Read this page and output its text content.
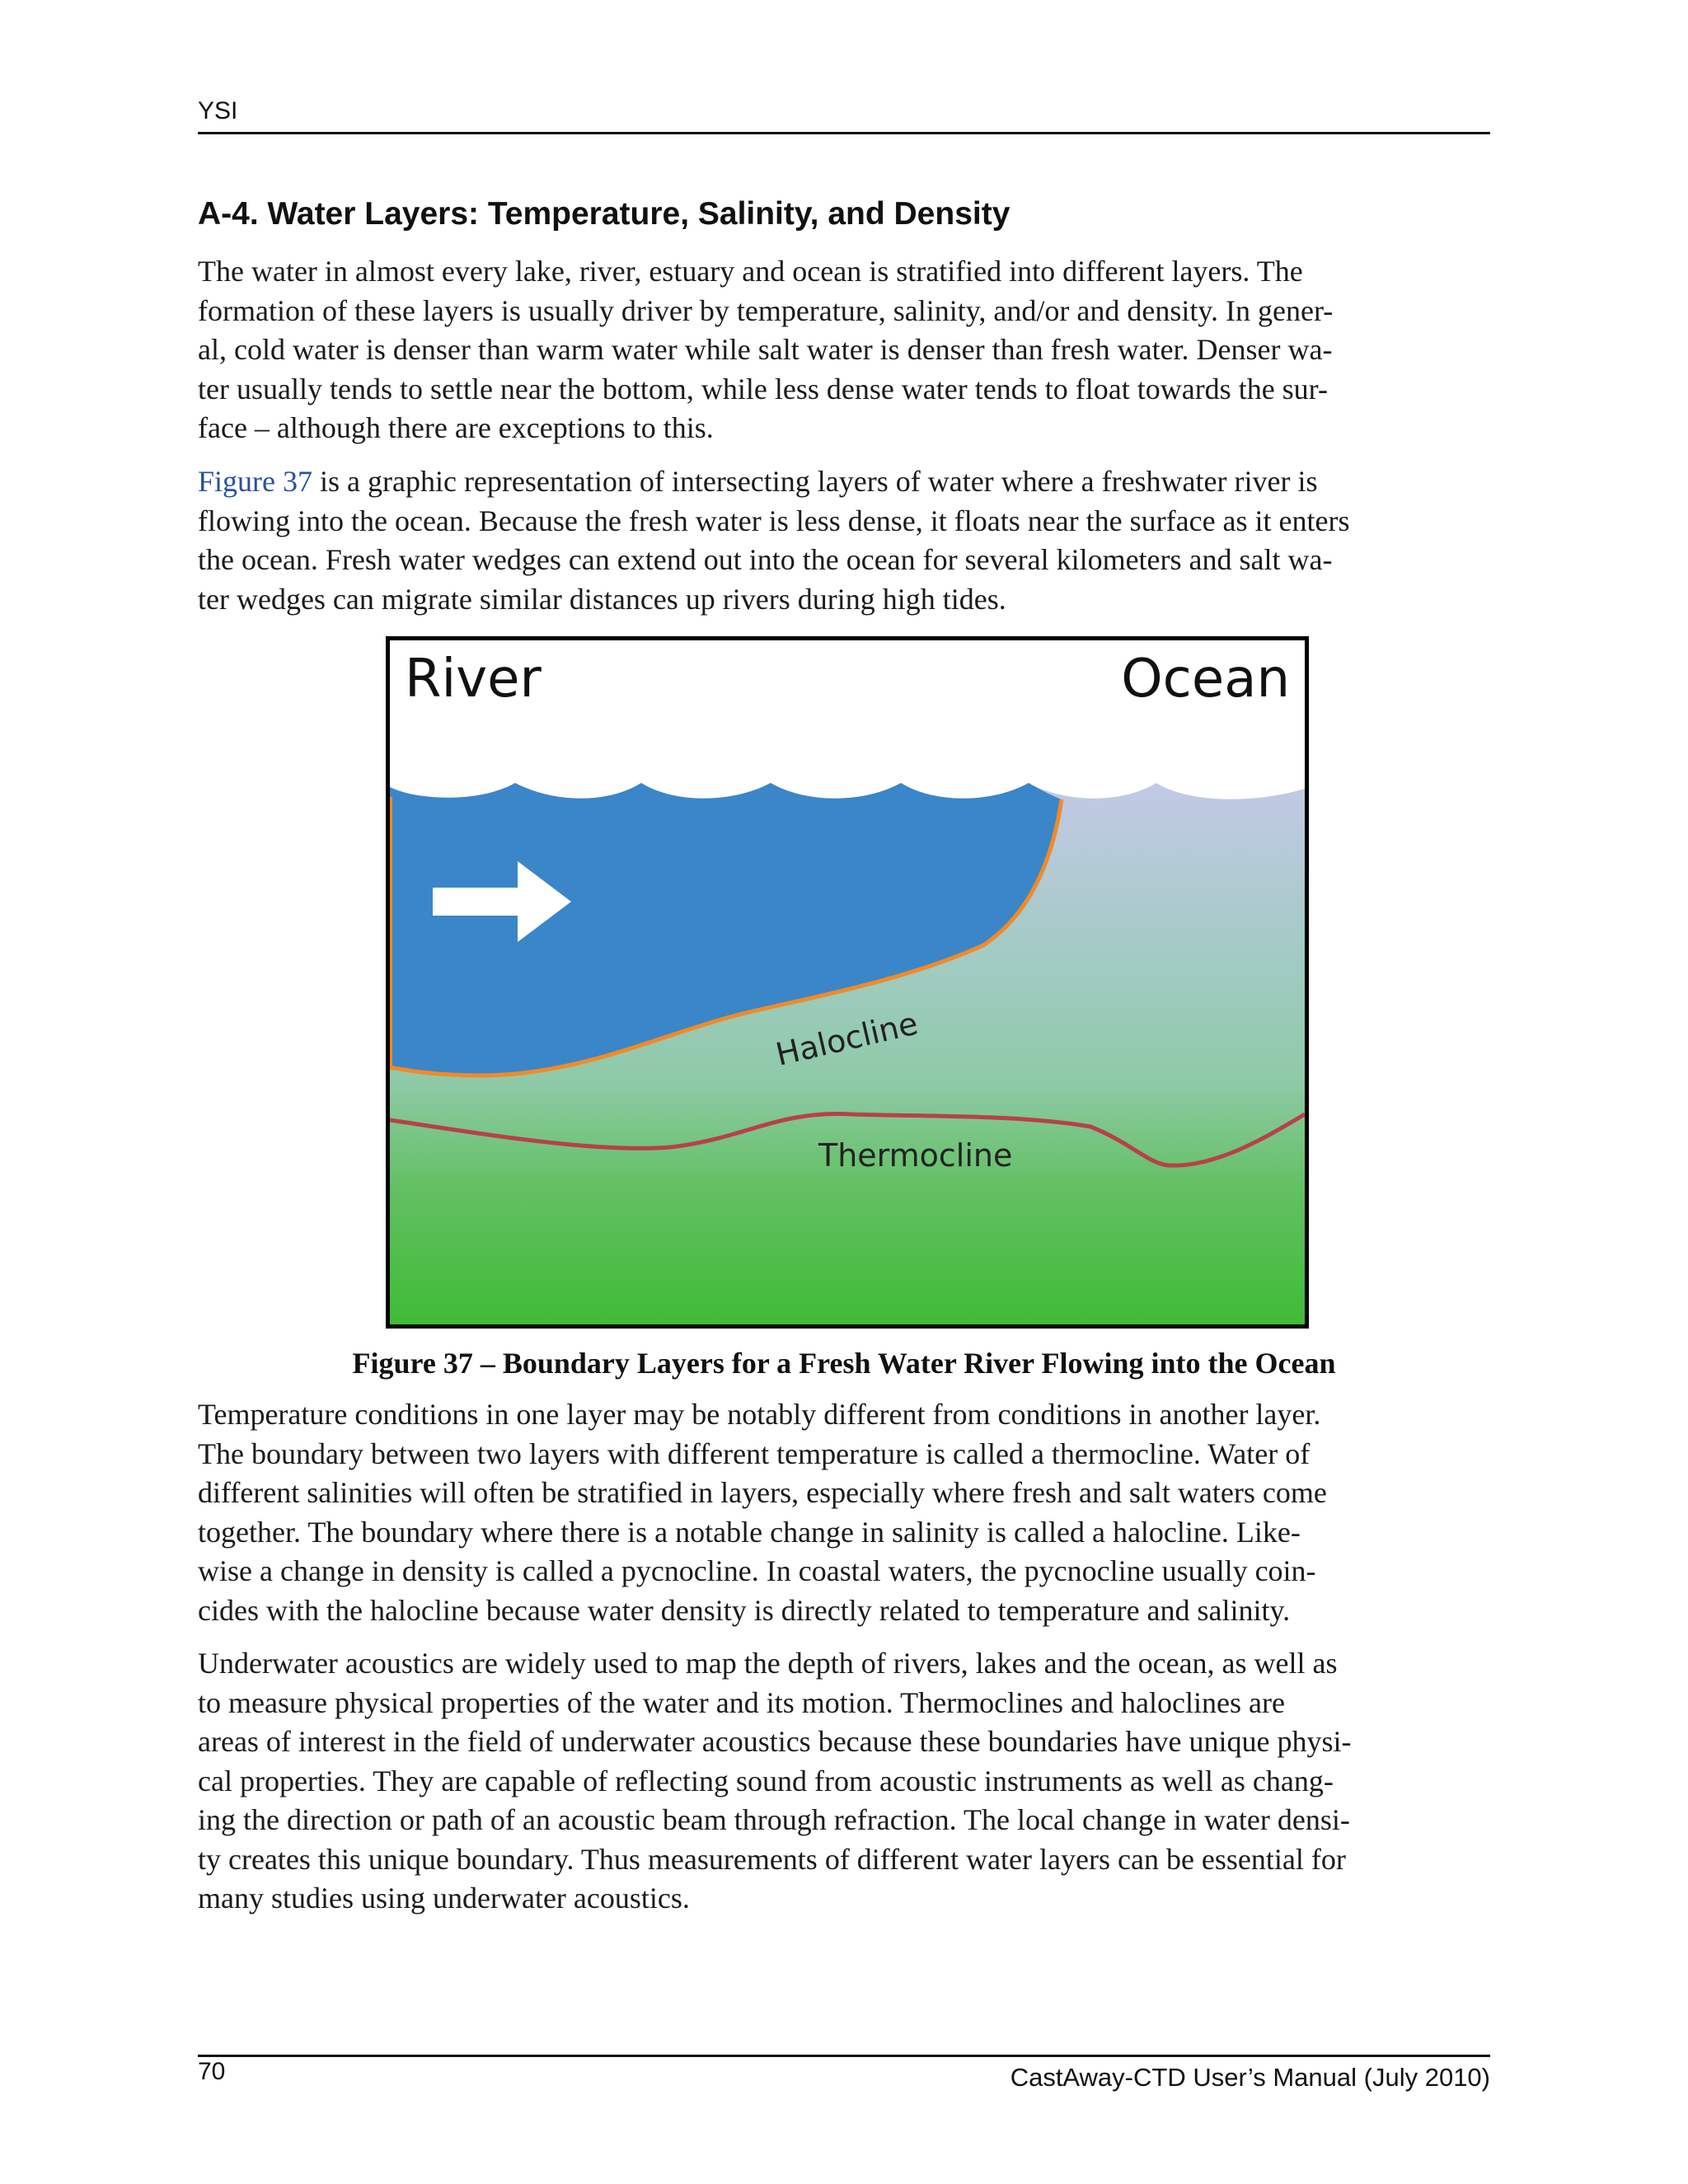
YSI
A-4. Water Layers: Temperature, Salinity, and Density

The water in almost every lake, river, estuary and ocean is stratified into different layers. The
formation of these layers is usually driver by temperature, salinity, and/or and density. In gener-
al, cold water is denser than warm water while salt water is denser than fresh water. Denser wa-
ter usually tends to settle near the bottom, while less dense water tends to float towards the sur-
face – although there are exceptions to this.

Figure 37 is a graphic representation of intersecting layers of water where a freshwater river is
flowing into the ocean. Because the fresh water is less dense, it floats near the surface as it enters
the ocean. Fresh water wedges can extend out into the ocean for several kilometers and salt wa-
ter wedges can migrate similar distances up rivers during high tides.

River	Ocean
Halocline
Thermocline

Figure 37 – Boundary Layers for a Fresh Water River Flowing into the Ocean

Temperature conditions in one layer may be notably different from conditions in another layer.
The boundary between two layers with different temperature is called a thermocline. Water of
different salinities will often be stratified in layers, especially where fresh and salt waters come
together. The boundary where there is a notable change in salinity is called a halocline. Like-
wise a change in density is called a pycnocline. In coastal waters, the pycnocline usually coin-
cides with the halocline because water density is directly related to temperature and salinity.

Underwater acoustics are widely used to map the depth of rivers, lakes and the ocean, as well as
to measure physical properties of the water and its motion. Thermoclines and haloclines are
areas of interest in the field of underwater acoustics because these boundaries have unique physi-
cal properties. They are capable of reflecting sound from acoustic instruments as well as chang-
ing the direction or path of an acoustic beam through refraction. The local change in water densi-
ty creates this unique boundary. Thus measurements of different water layers can be essential for
many studies using underwater acoustics.

70	CastAway-CTD User’s Manual (July 2010)
